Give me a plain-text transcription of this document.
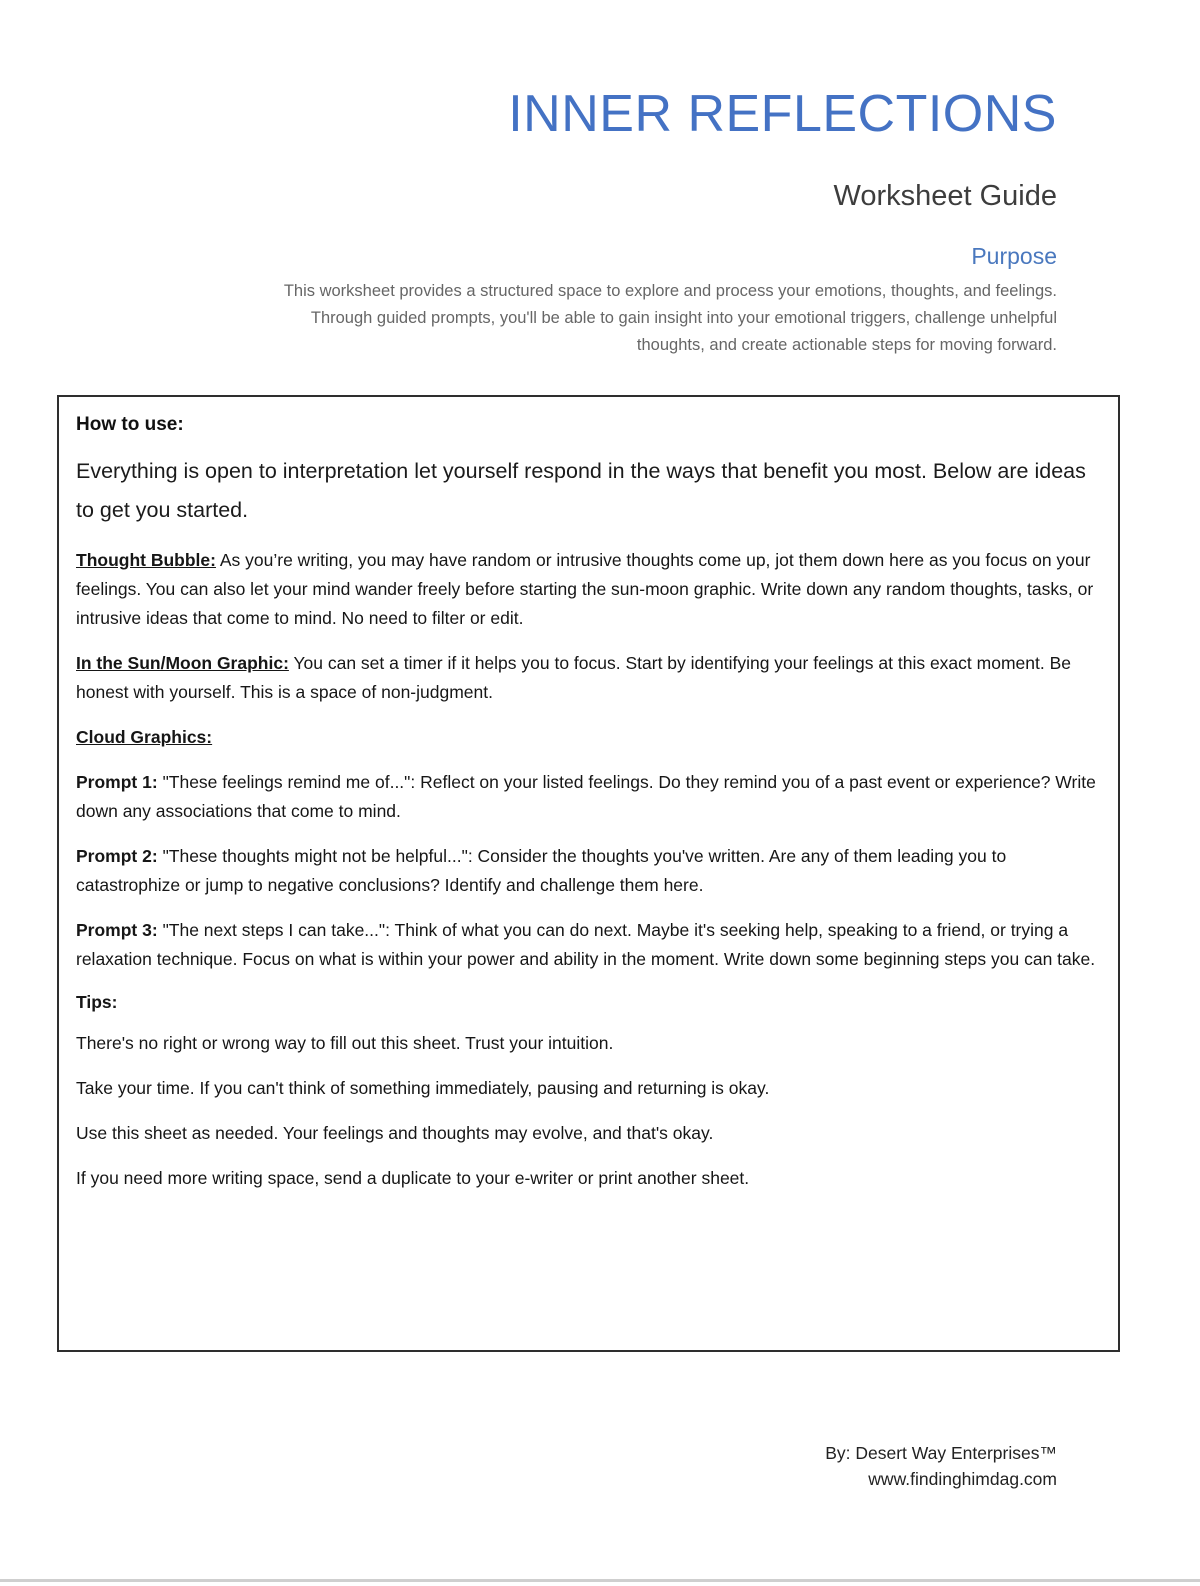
INNER REFLECTIONS
Worksheet Guide
Purpose

This worksheet provides a structured space to explore and process your emotions, thoughts, and feelings. Through guided prompts, you'll be able to gain insight into your emotional triggers, challenge unhelpful thoughts, and create actionable steps for moving forward.

How to use:

Everything is open to interpretation let yourself respond in the ways that benefit you most. Below are ideas to get you started.

Thought Bubble: As you’re writing, you may have random or intrusive thoughts come up, jot them down here as you focus on your feelings. You can also let your mind wander freely before starting the sun-moon graphic. Write down any random thoughts, tasks, or intrusive ideas that come to mind. No need to filter or edit.

In the Sun/Moon Graphic: You can set a timer if it helps you to focus. Start by identifying your feelings at this exact moment. Be honest with yourself. This is a space of non-judgment.

Cloud Graphics:

Prompt 1: "These feelings remind me of...": Reflect on your listed feelings. Do they remind you of a past event or experience? Write down any associations that come to mind.

Prompt 2: "These thoughts might not be helpful...": Consider the thoughts you've written. Are any of them leading you to catastrophize or jump to negative conclusions? Identify and challenge them here.

Prompt 3: "The next steps I can take...": Think of what you can do next. Maybe it's seeking help, speaking to a friend, or trying a relaxation technique. Focus on what is within your power and ability in the moment. Write down some beginning steps you can take.

Tips:

There's no right or wrong way to fill out this sheet. Trust your intuition.

Take your time. If you can't think of something immediately, pausing and returning is okay.

Use this sheet as needed. Your feelings and thoughts may evolve, and that's okay.

If you need more writing space, send a duplicate to your e-writer or print another sheet.

By: Desert Way Enterprises™
www.findinghimdag.com
